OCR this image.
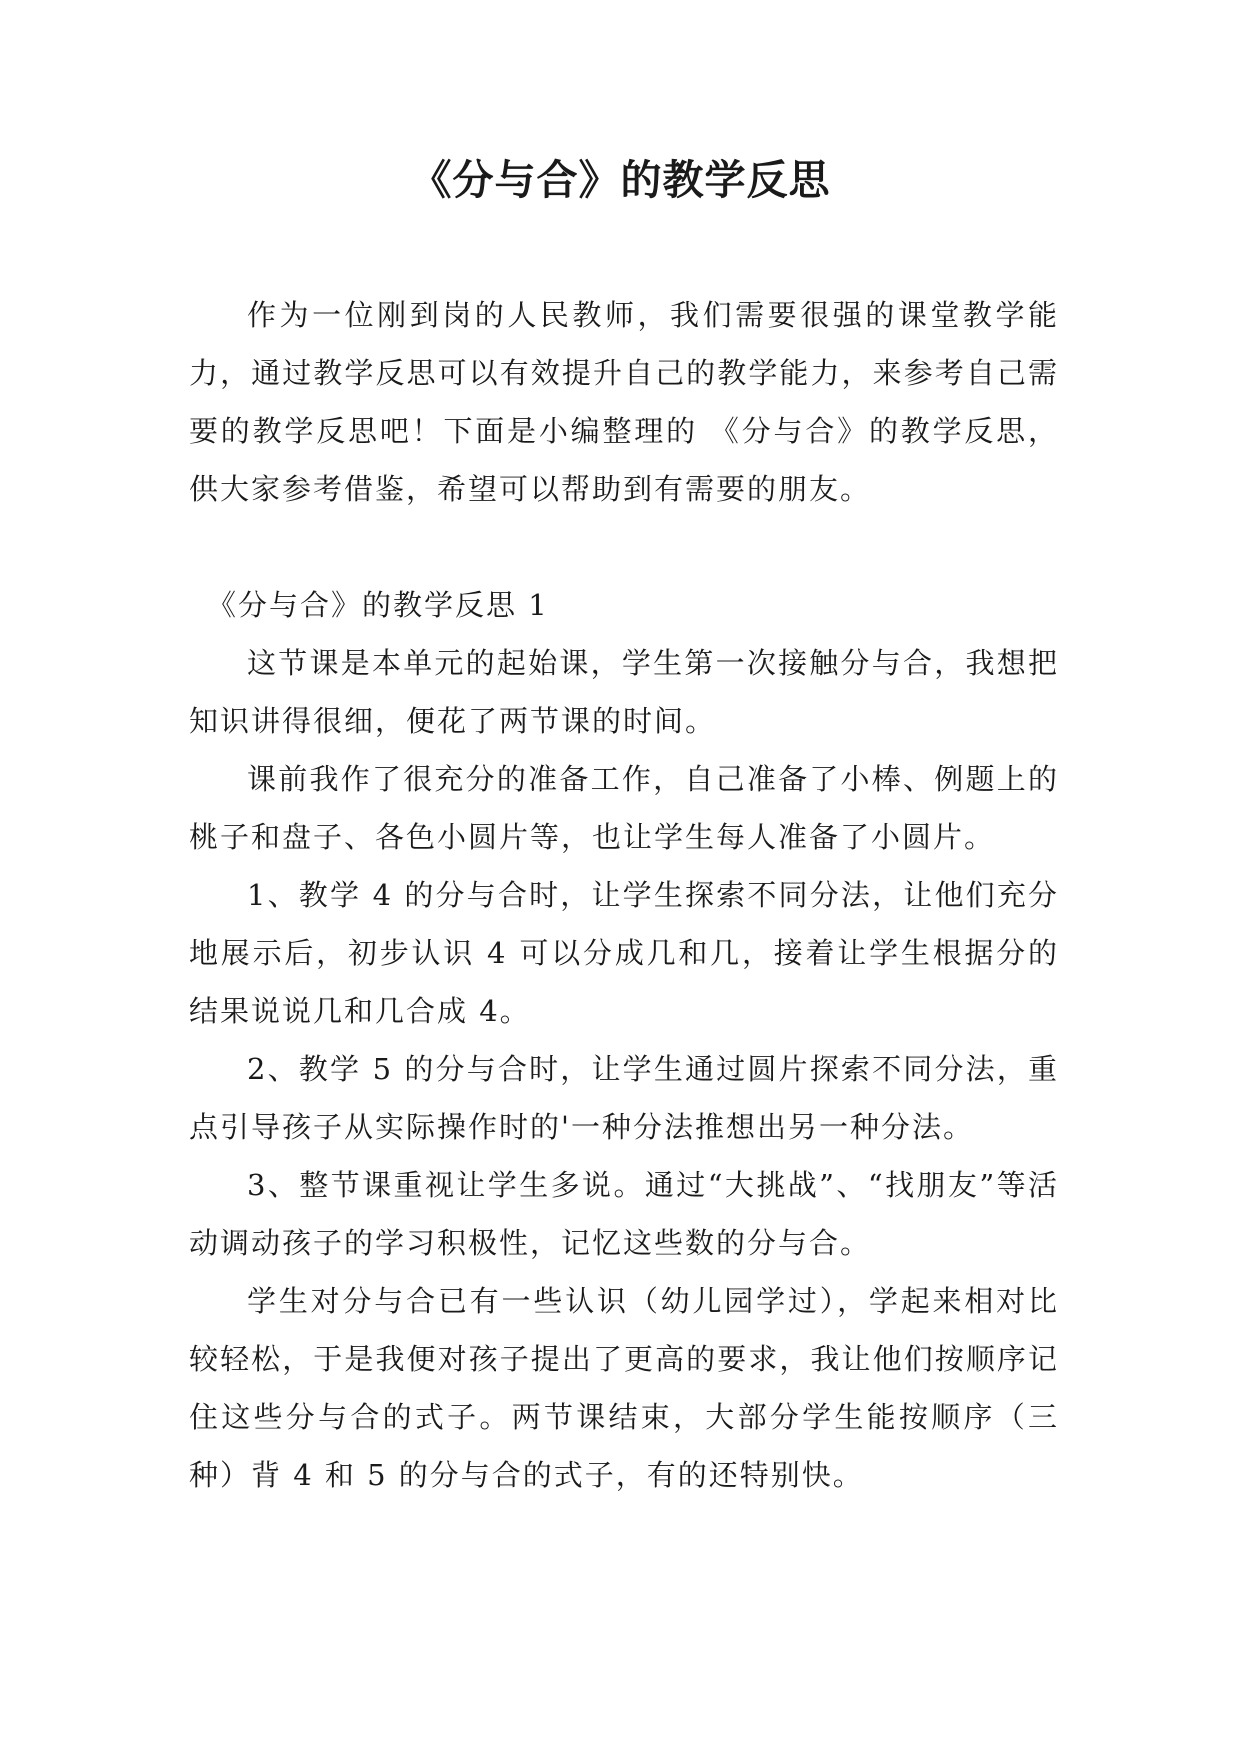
《分与合》的教学反思

作为一位刚到岗的人民教师，我们需要很强的课堂教学能力，通过教学反思可以有效提升自己的教学能力，来参考自己需要的教学反思吧！下面是小编整理的 《分与合》的教学反思，供大家参考借鉴，希望可以帮助到有需要的朋友。

《分与合》的教学反思 1

这节课是本单元的起始课，学生第一次接触分与合，我想把知识讲得很细，便花了两节课的时间。

课前我作了很充分的准备工作，自己准备了小棒、例题上的桃子和盘子、各色小圆片等，也让学生每人准备了小圆片。

1、教学 4 的分与合时，让学生探索不同分法，让他们充分地展示后，初步认识 4 可以分成几和几，接着让学生根据分的结果说说几和几合成 4。

2、教学 5 的分与合时，让学生通过圆片探索不同分法，重点引导孩子从实际操作时的'一种分法推想出另一种分法。

3、整节课重视让学生多说。通过“大挑战”、“找朋友”等活动调动孩子的学习积极性，记忆这些数的分与合。

学生对分与合已有一些认识（幼儿园学过），学起来相对比较轻松，于是我便对孩子提出了更高的要求，我让他们按顺序记住这些分与合的式子。两节课结束，大部分学生能按顺序（三种）背 4 和 5 的分与合的式子，有的还特别快。
